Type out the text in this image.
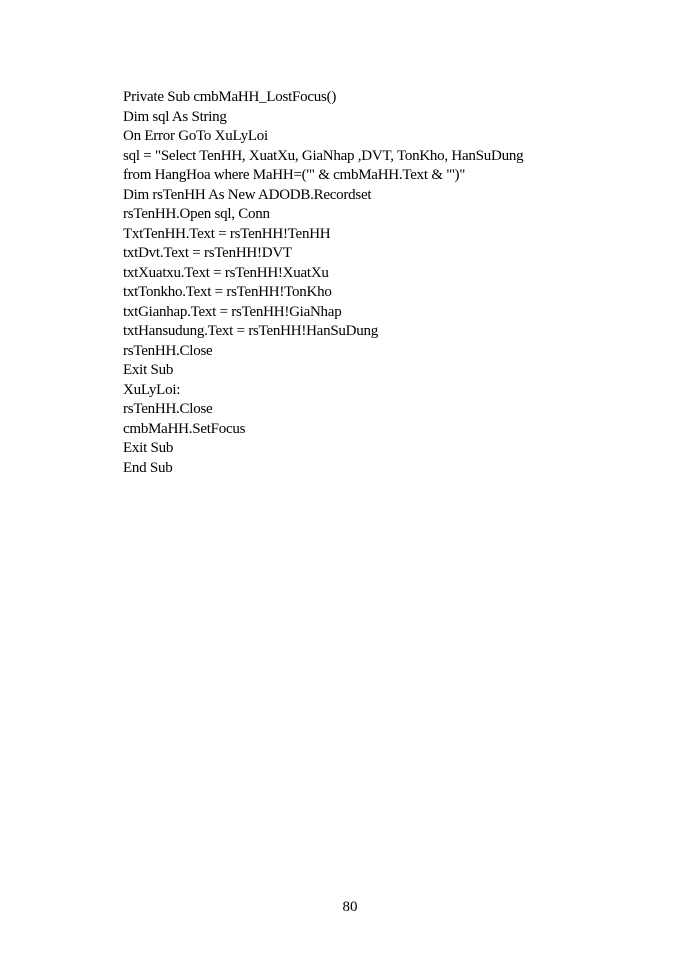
Private Sub cmbMaHH_LostFocus()
Dim sql As String
On Error GoTo XuLyLoi
sql = "Select TenHH, XuatXu, GiaNhap ,DVT, TonKho, HanSuDung
from HangHoa where MaHH=('" & cmbMaHH.Text & "')"
Dim rsTenHH As New ADODB.Recordset
rsTenHH.Open sql, Conn
TxtTenHH.Text = rsTenHH!TenHH
txtDvt.Text = rsTenHH!DVT
txtXuatxu.Text = rsTenHH!XuatXu
txtTonkho.Text = rsTenHH!TonKho
txtGianhap.Text = rsTenHH!GiaNhap
txtHansudung.Text = rsTenHH!HanSuDung
rsTenHH.Close
Exit Sub
XuLyLoi:
rsTenHH.Close
cmbMaHH.SetFocus
Exit Sub
End Sub
80
